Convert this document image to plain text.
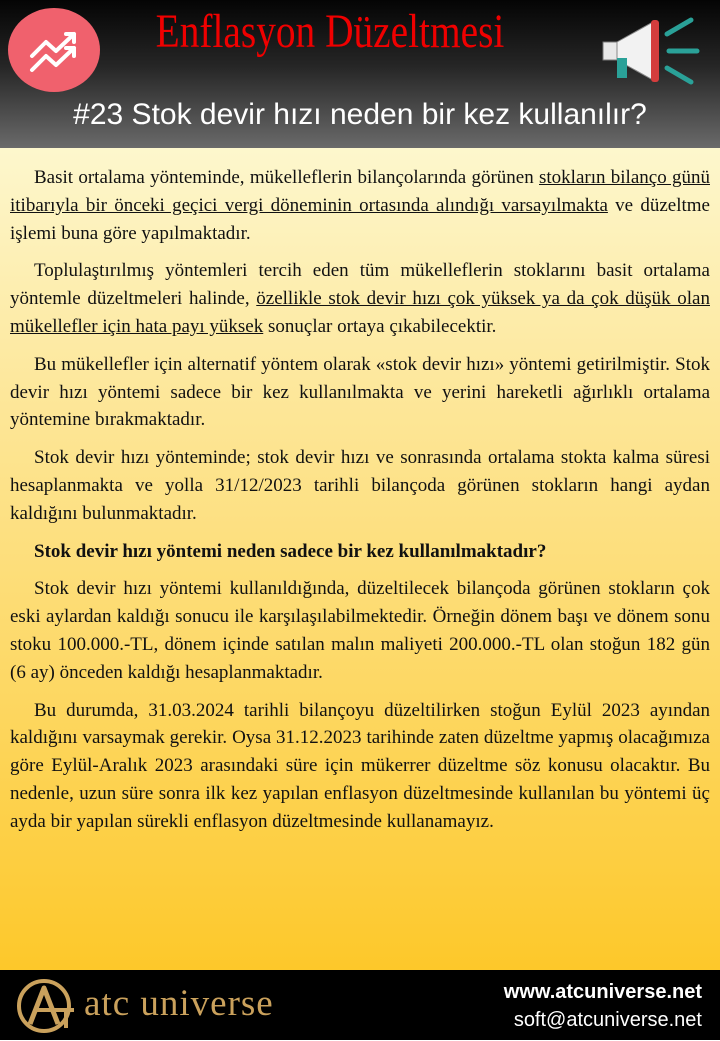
Enflasyon Düzeltmesi
#23 Stok devir hızı neden bir kez kullanılır?

Basit ortalama yönteminde, mükelleflerin bilançolarında görünen stokların bilanço günü itibarıyla bir önceki geçici vergi döneminin ortasında alındığı varsayılmakta ve düzeltme işlemi buna göre yapılmaktadır.

Toplulaştırılmış yöntemleri tercih eden tüm mükelleflerin stoklarını basit ortalama yöntemle düzeltmeleri halinde, özellikle stok devir hızı çok yüksek ya da çok düşük olan mükellefler için hata payı yüksek sonuçlar ortaya çıkabilecektir.

Bu mükellefler için alternatif yöntem olarak «stok devir hızı» yöntemi getirilmiştir. Stok devir hızı yöntemi sadece bir kez kullanılmakta ve yerini hareketli ağırlıklı ortalama yöntemine bırakmaktadır.

Stok devir hızı yönteminde; stok devir hızı ve sonrasında ortalama stokta kalma süresi hesaplanmakta ve yolla 31/12/2023 tarihli bilançoda görünen stokların hangi aydan kaldığını bulunmaktadır.

Stok devir hızı yöntemi neden sadece bir kez kullanılmaktadır?

Stok devir hızı yöntemi kullanıldığında, düzeltilecek bilançoda görünen stokların çok eski aylardan kaldığı sonucu ile karşılaşılabilmektedir. Örneğin dönem başı ve dönem sonu stoku 100.000.-TL, dönem içinde satılan malın maliyeti 200.000.-TL olan stoğun 182 gün (6 ay) önceden kaldığı hesaplanmaktadır.

Bu durumda, 31.03.2024 tarihli bilançoyu düzeltilirken stoğun Eylül 2023 ayından kaldığını varsaymak gerekir. Oysa 31.12.2023 tarihinde zaten düzeltme yapmış olacağımıza göre Eylül-Aralık 2023 arasındaki süre için mükerrer düzeltme söz konusu olacaktır. Bu nedenle, uzun süre sonra ilk kez yapılan enflasyon düzeltmesinde kullanılan bu yöntemi üç ayda bir yapılan sürekli enflasyon düzeltmesinde kullanamayız.

atc universe	www.atcuniverse.net
soft@atcuniverse.net
